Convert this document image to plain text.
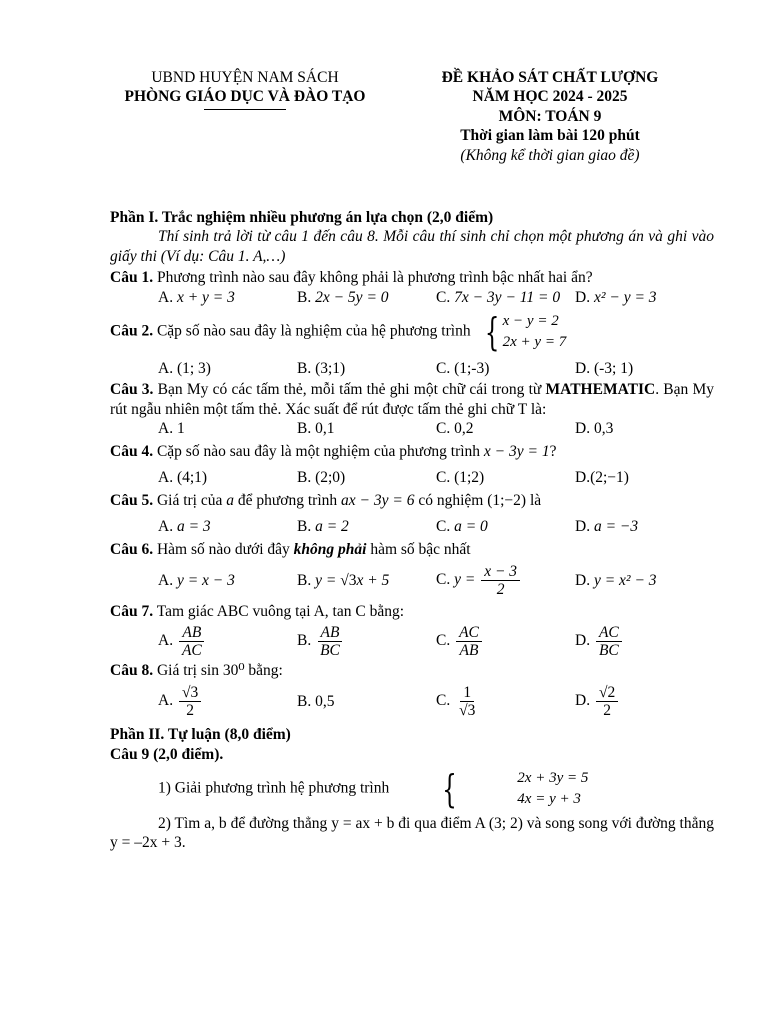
UBND HUYỆN NAM SÁCH
PHÒNG GIÁO DỤC VÀ ĐÀO TẠO
ĐỀ KHẢO SÁT CHẤT LƯỢNG
NĂM HỌC 2024 - 2025
MÔN: TOÁN 9
Thời gian làm bài 120 phút
(Không kể thời gian giao đề)

Phần I. Trắc nghiệm nhiều phương án lựa chọn (2,0 điểm)

Thí sinh trả lời từ câu 1 đến câu 8. Mỗi câu thí sinh chỉ chọn một phương án và ghi vào giấy thi (Ví dụ: Câu 1. A,…)

Câu 1. Phương trình nào sau đây không phải là phương trình bậc nhất hai ẩn?

A. x + y = 3	B. 2x − 5y = 0	C. 7x − 3y − 11 = 0 D. x² − y = 3

Câu 2. Cặp số nào sau đây là nghiệm của hệ phương trình { x − y = 2
2x + y = 7

A. (1; 3)	B. (3;1)	C. (1;-3)	D. (-3; 1)

Câu 3. Bạn My có các tấm thẻ, mỗi tấm thẻ ghi một chữ cái trong từ MATHEMATIC. Bạn My rút ngẫu nhiên một tấm thẻ. Xác suất để rút được tấm thẻ ghi chữ T là:

A. 1	B. 0,1	C. 0,2	D. 0,3

Câu 4. Cặp số nào sau đây là một nghiệm của phương trình x − 3y = 1?

A. (4;1)	B. (2;0)	C. (1;2)	D.(2;−1)

Câu 5. Giá trị của a để phương trình ax − 3y = 6 có nghiệm (1;−2) là

A. a = 3	B. a = 2	C. a = 0	D. a = −3

Câu 6. Hàm số nào dưới đây không phải hàm số bậc nhất

A. y = x − 3	B. y = √3x + 5	C. $y = \frac{x - 3}{2}$	D. y = x² − 3

Câu 7. Tam giác ABC vuông tại A, tan C bằng:

A. $\frac{AB}{AC}$	B. $\frac{AB}{BC}$	C. $\frac{AC}{AB}$	D. $\frac{AC}{BC}$

Câu 8. Giá trị sin 30⁰ bằng:

A. $\frac{√3}{2}$	B. 0,5	C. $\frac{1}{√3}$	D. $\frac{√2}{2}$

Phần II. Tự luận (8,0 điểm)

Câu 9 (2,0 điểm).

1) Giải phương trình hệ phương trình	{	2x + 3y = 5
4x = y + 3

2) Tìm a, b để đường thẳng y = ax + b đi qua điểm A (3; 2) và song song với đường thẳng y = –2x + 3.
